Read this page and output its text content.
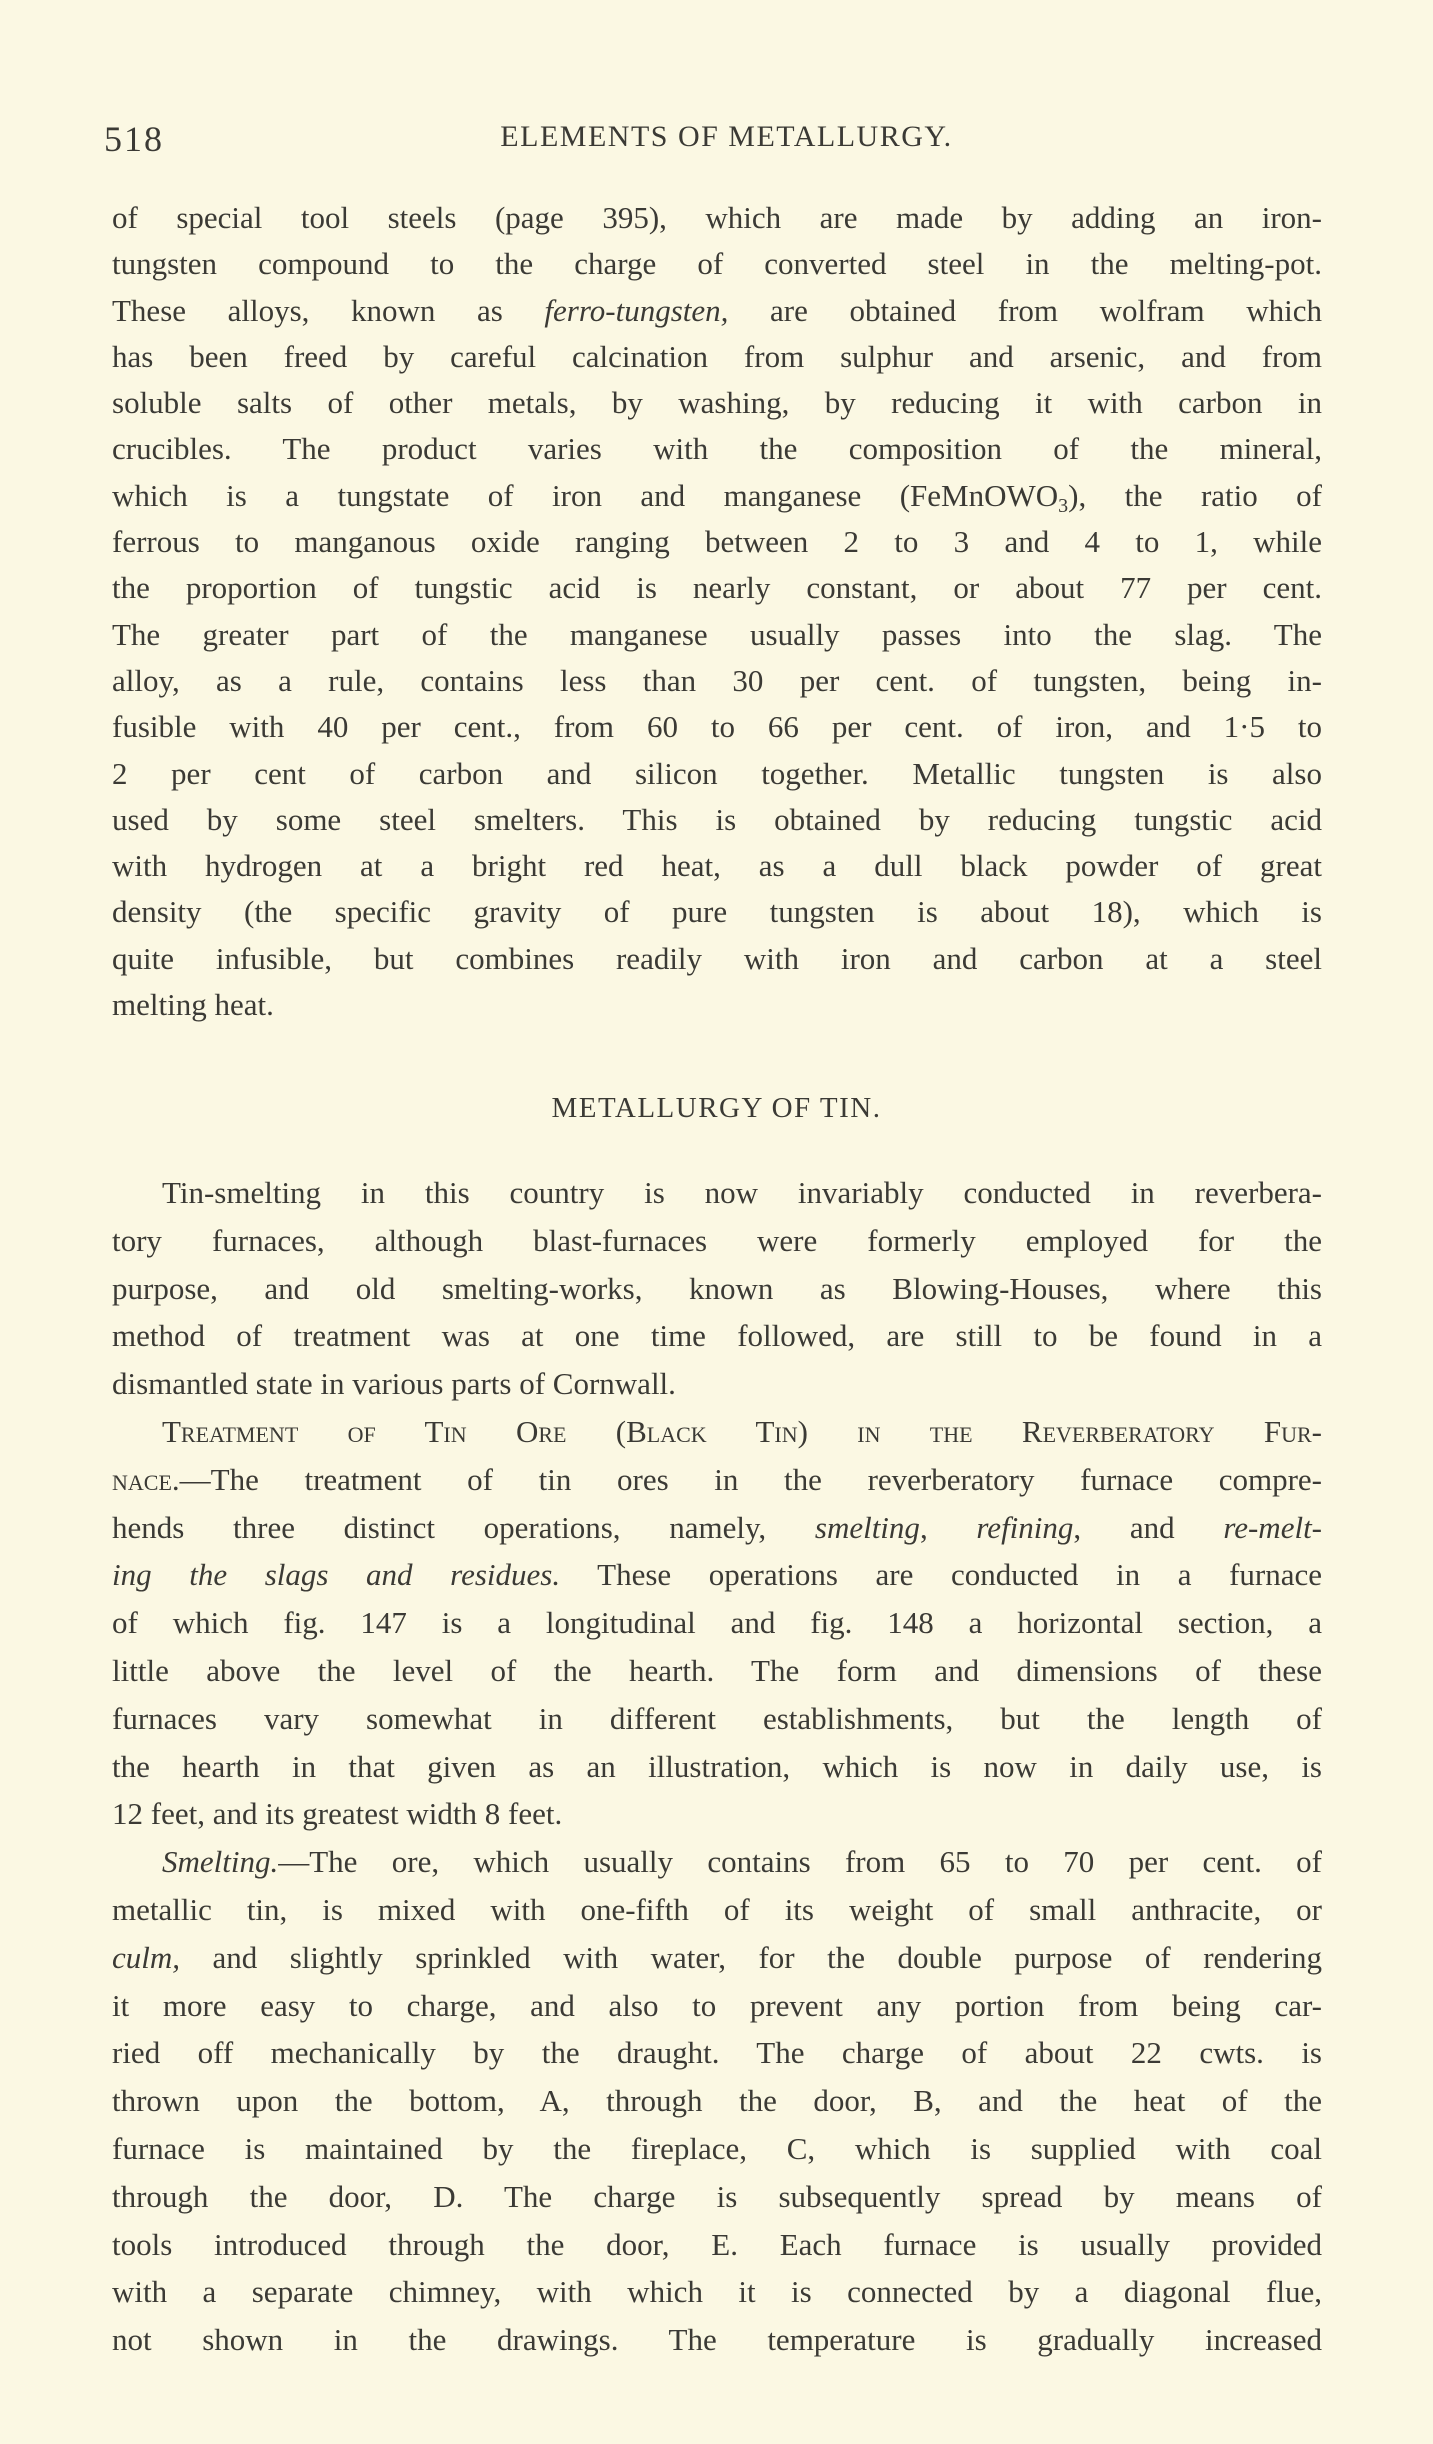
518	ELEMENTS OF METALLURGY.
of special tool steels (page 395), which are made by adding an iron-
tungsten compound to the charge of converted steel in the melting-pot.
These alloys, known as ferro-tungsten, are obtained from wolfram which
has been freed by careful calcination from sulphur and arsenic, and from
soluble salts of other metals, by washing, by reducing it with carbon in
crucibles. The product varies with the composition of the mineral,
which is a tungstate of iron and manganese (FeMnOWO$_3$), the ratio of
ferrous to manganous oxide ranging between 2 to 3 and 4 to 1, while
the proportion of tungstic acid is nearly constant, or about 77 per cent.
The greater part of the manganese usually passes into the slag. The
alloy, as a rule, contains less than 30 per cent. of tungsten, being in-
fusible with 40 per cent., from 60 to 66 per cent. of iron, and 1·5 to
2 per cent of carbon and silicon together. Metallic tungsten is also
used by some steel smelters. This is obtained by reducing tungstic acid
with hydrogen at a bright red heat, as a dull black powder of great
density (the specific gravity of pure tungsten is about 18), which is
quite infusible, but combines readily with iron and carbon at a steel
melting heat.
METALLURGY OF TIN.
Tin-smelting in this country is now invariably conducted in reverbera-
tory furnaces, although blast-furnaces were formerly employed for the
purpose, and old smelting-works, known as Blowing-Houses, where this
method of treatment was at one time followed, are still to be found in a
dismantled state in various parts of Cornwall.
Treatment of Tin Ore (Black Tin) in the Reverberatory Fur-
nace.—The treatment of tin ores in the reverberatory furnace compre-
hends three distinct operations, namely, smelting, refining, and re-melt-
ing the slags and residues. These operations are conducted in a furnace
of which fig. 147 is a longitudinal and fig. 148 a horizontal section, a
little above the level of the hearth. The form and dimensions of these
furnaces vary somewhat in different establishments, but the length of
the hearth in that given as an illustration, which is now in daily use, is
12 feet, and its greatest width 8 feet.
Smelting.—The ore, which usually contains from 65 to 70 per cent. of
metallic tin, is mixed with one-fifth of its weight of small anthracite, or
culm, and slightly sprinkled with water, for the double purpose of rendering
it more easy to charge, and also to prevent any portion from being car-
ried off mechanically by the draught. The charge of about 22 cwts. is
thrown upon the bottom, A, through the door, B, and the heat of the
furnace is maintained by the fireplace, C, which is supplied with coal
through the door, D. The charge is subsequently spread by means of
tools introduced through the door, E. Each furnace is usually provided
with a separate chimney, with which it is connected by a diagonal flue,
not shown in the drawings. The temperature is gradually increased
